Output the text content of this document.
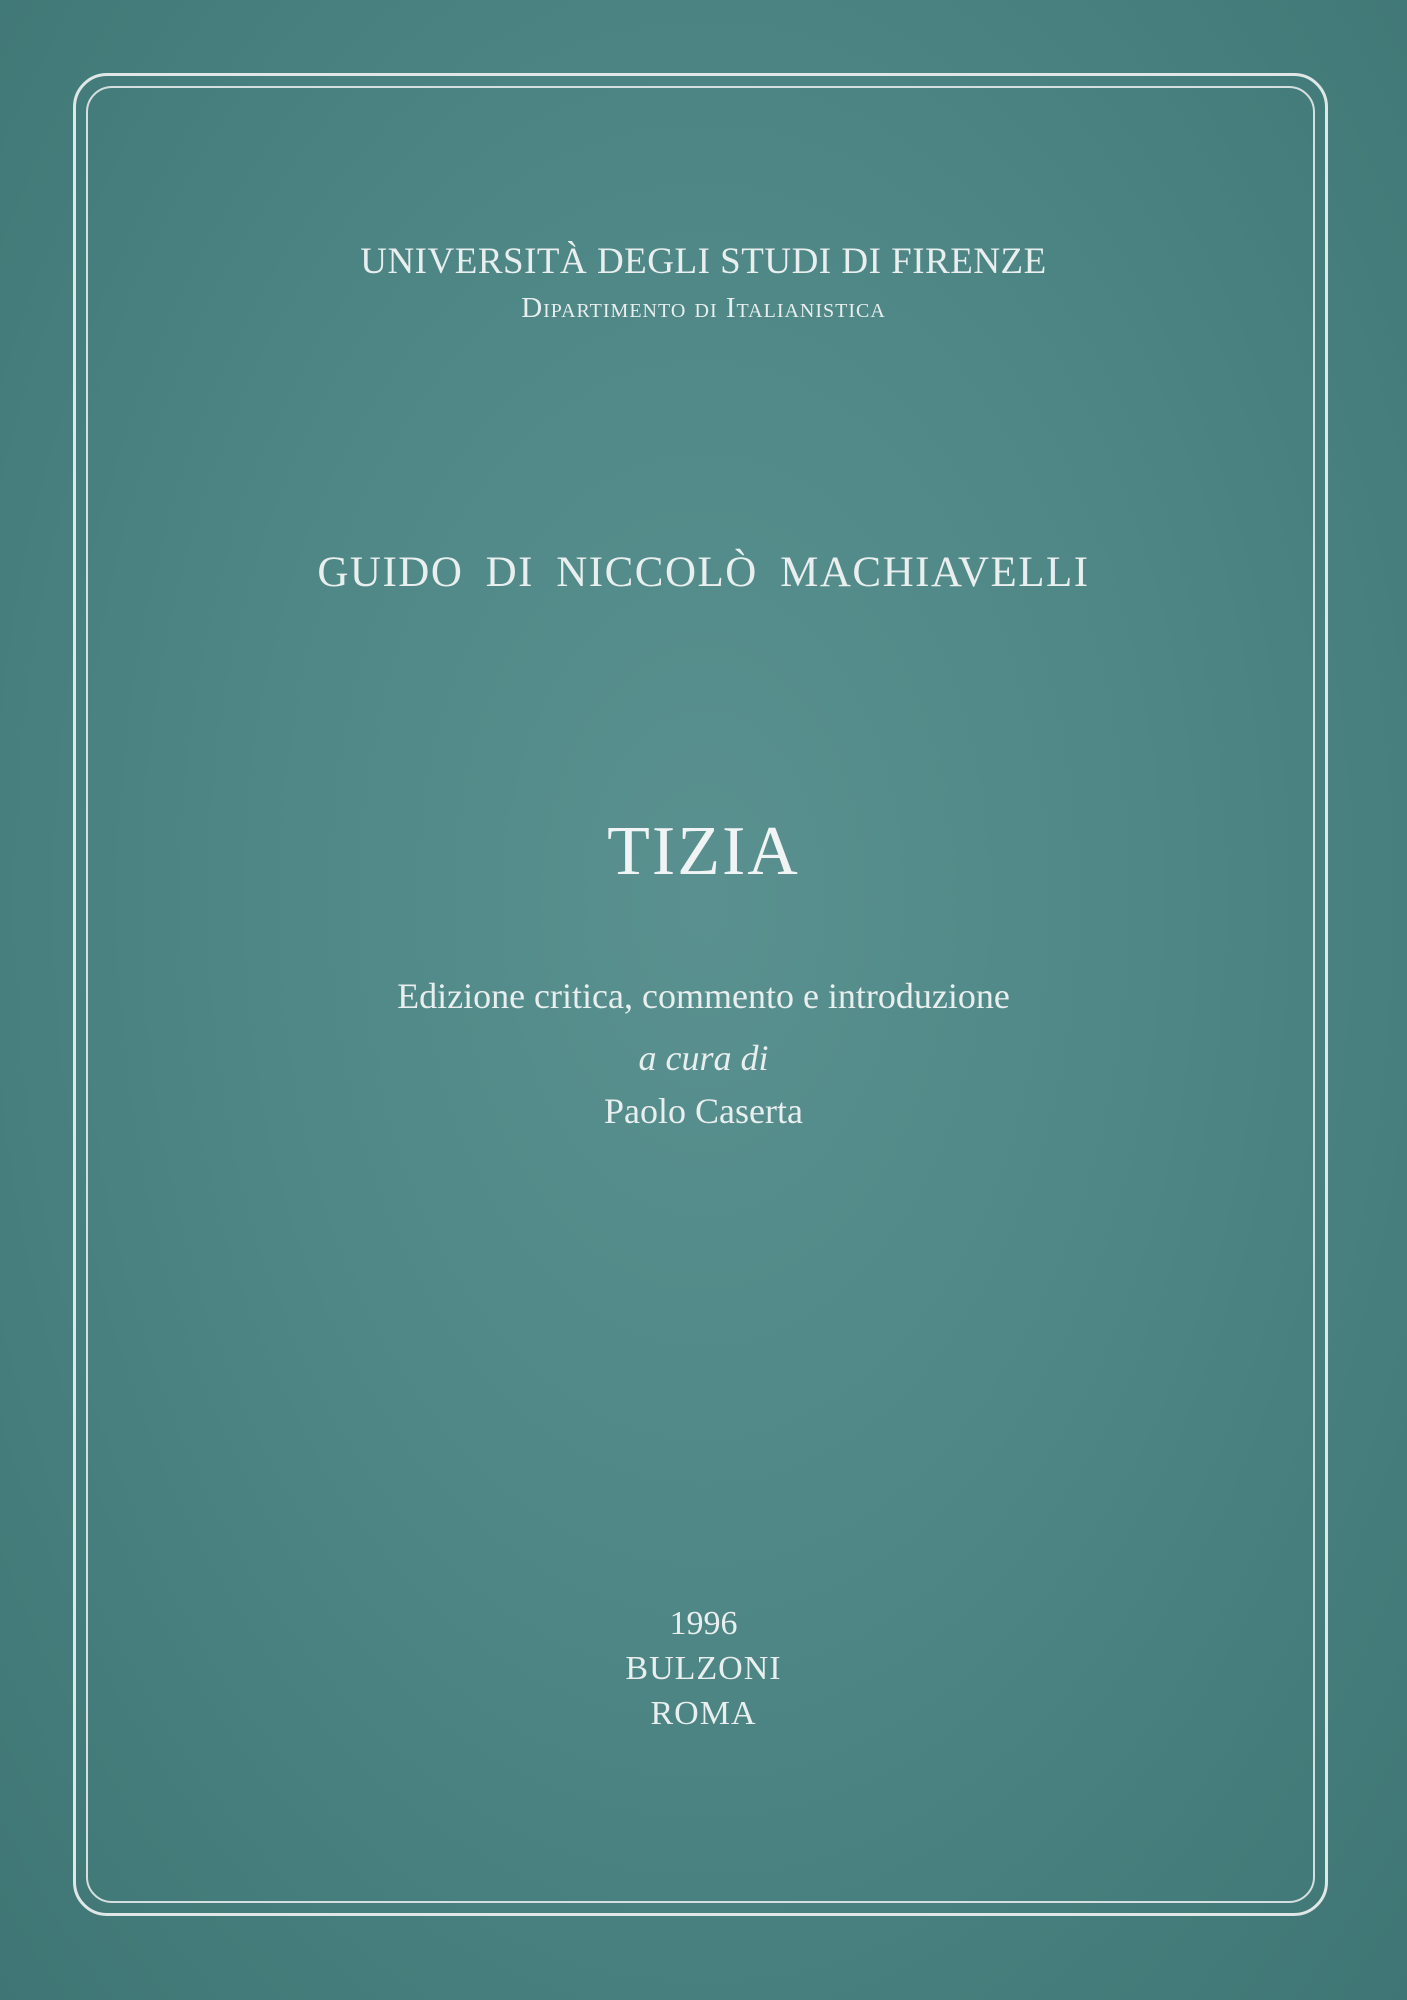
UNIVERSITÀ DEGLI STUDI DI FIRENZE
Dipartimento di Italianistica
GUIDO DI NICCOLÒ MACHIAVELLI
TIZIA
Edizione critica, commento e introduzione
a cura di
Paolo Caserta
1996
BULZONI
ROMA
